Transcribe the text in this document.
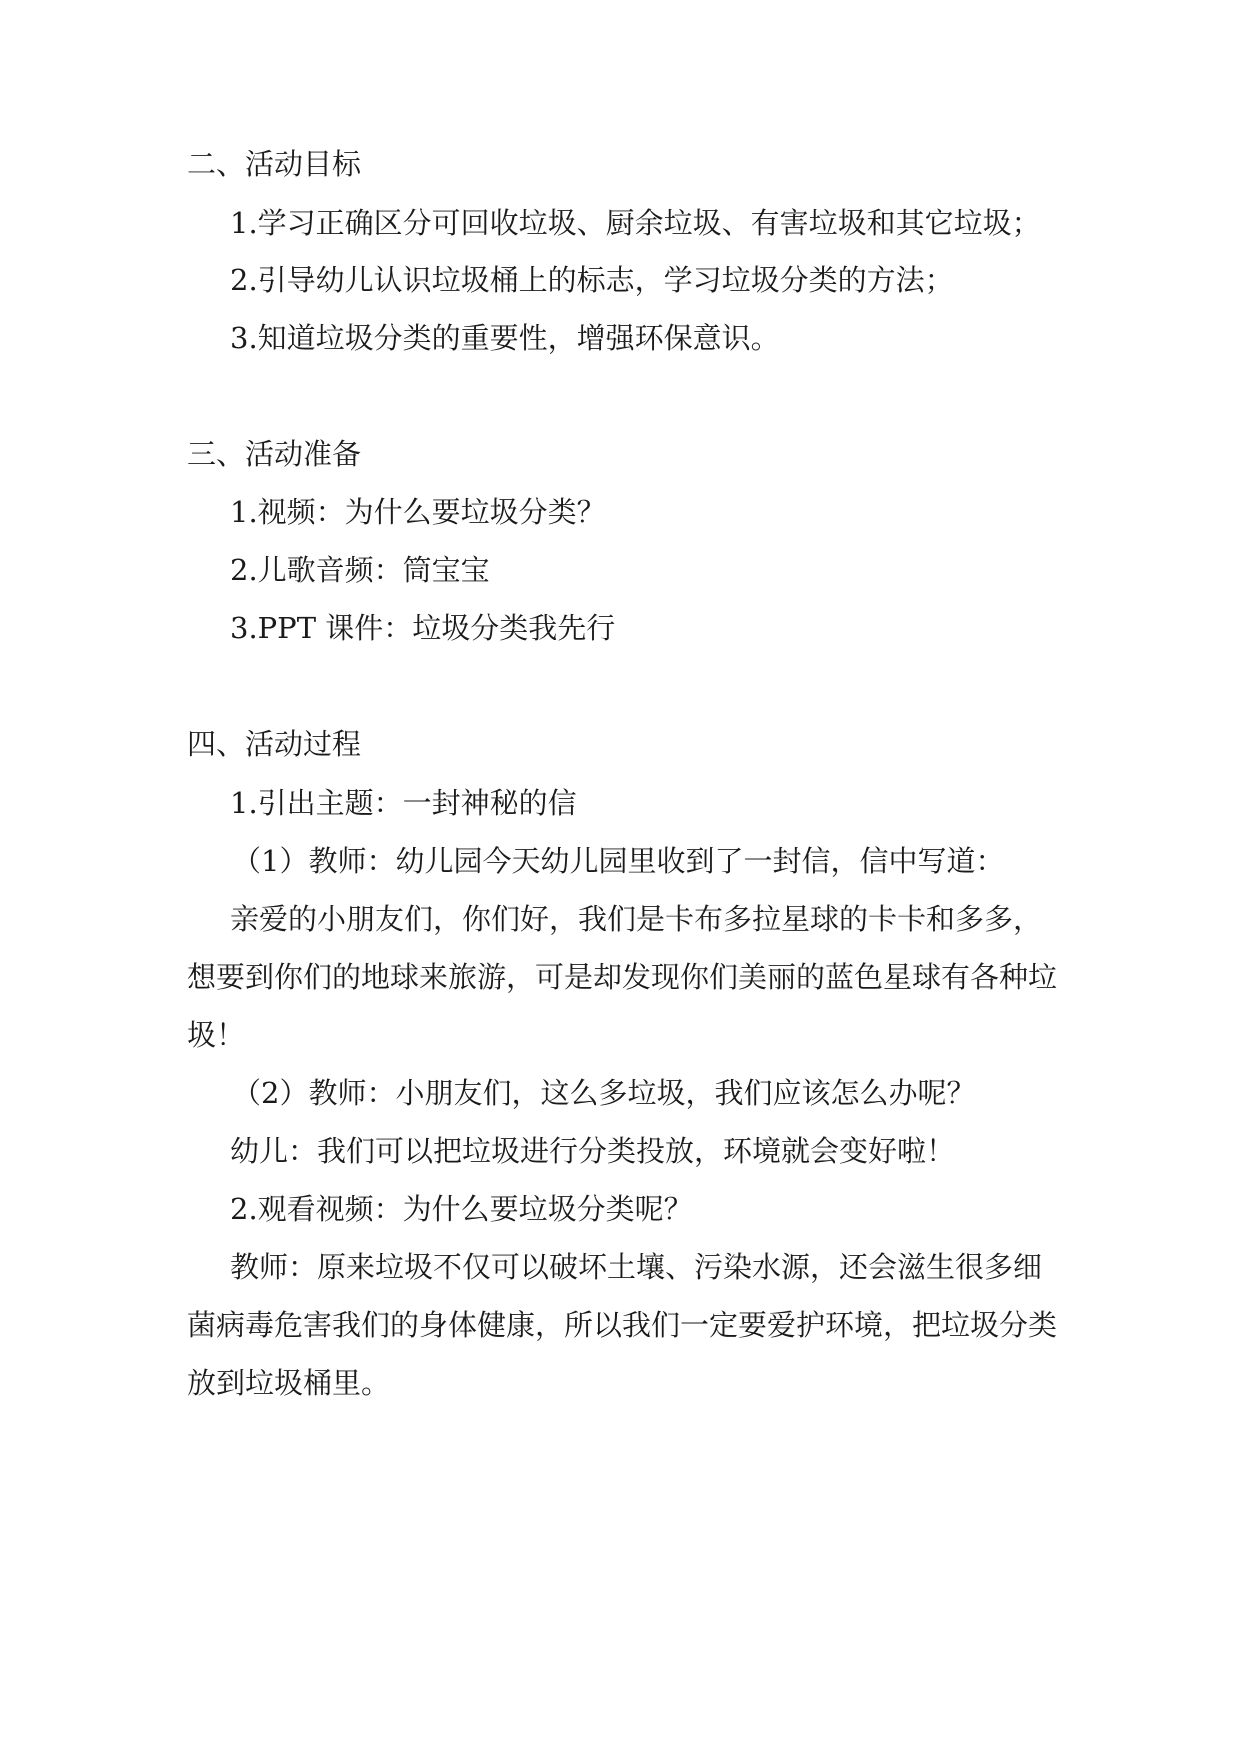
二、活动目标
1.学习正确区分可回收垃圾、厨余垃圾、有害垃圾和其它垃圾；
2.引导幼儿认识垃圾桶上的标志，学习垃圾分类的方法；
3.知道垃圾分类的重要性，增强环保意识。
三、活动准备
1.视频：为什么要垃圾分类？
2.儿歌音频：筒宝宝
3.PPT 课件：垃圾分类我先行
四、活动过程
1.引出主题：一封神秘的信
（1）教师：幼儿园今天幼儿园里收到了一封信，信中写道：
亲爱的小朋友们，你们好，我们是卡布多拉星球的卡卡和多多，
想要到你们的地球来旅游，可是却发现你们美丽的蓝色星球有各种垃
圾！
（2）教师：小朋友们，这么多垃圾，我们应该怎么办呢？
幼儿：我们可以把垃圾进行分类投放，环境就会变好啦！
2.观看视频：为什么要垃圾分类呢？
教师：原来垃圾不仅可以破坏土壤、污染水源，还会滋生很多细
菌病毒危害我们的身体健康，所以我们一定要爱护环境，把垃圾分类
放到垃圾桶里。
